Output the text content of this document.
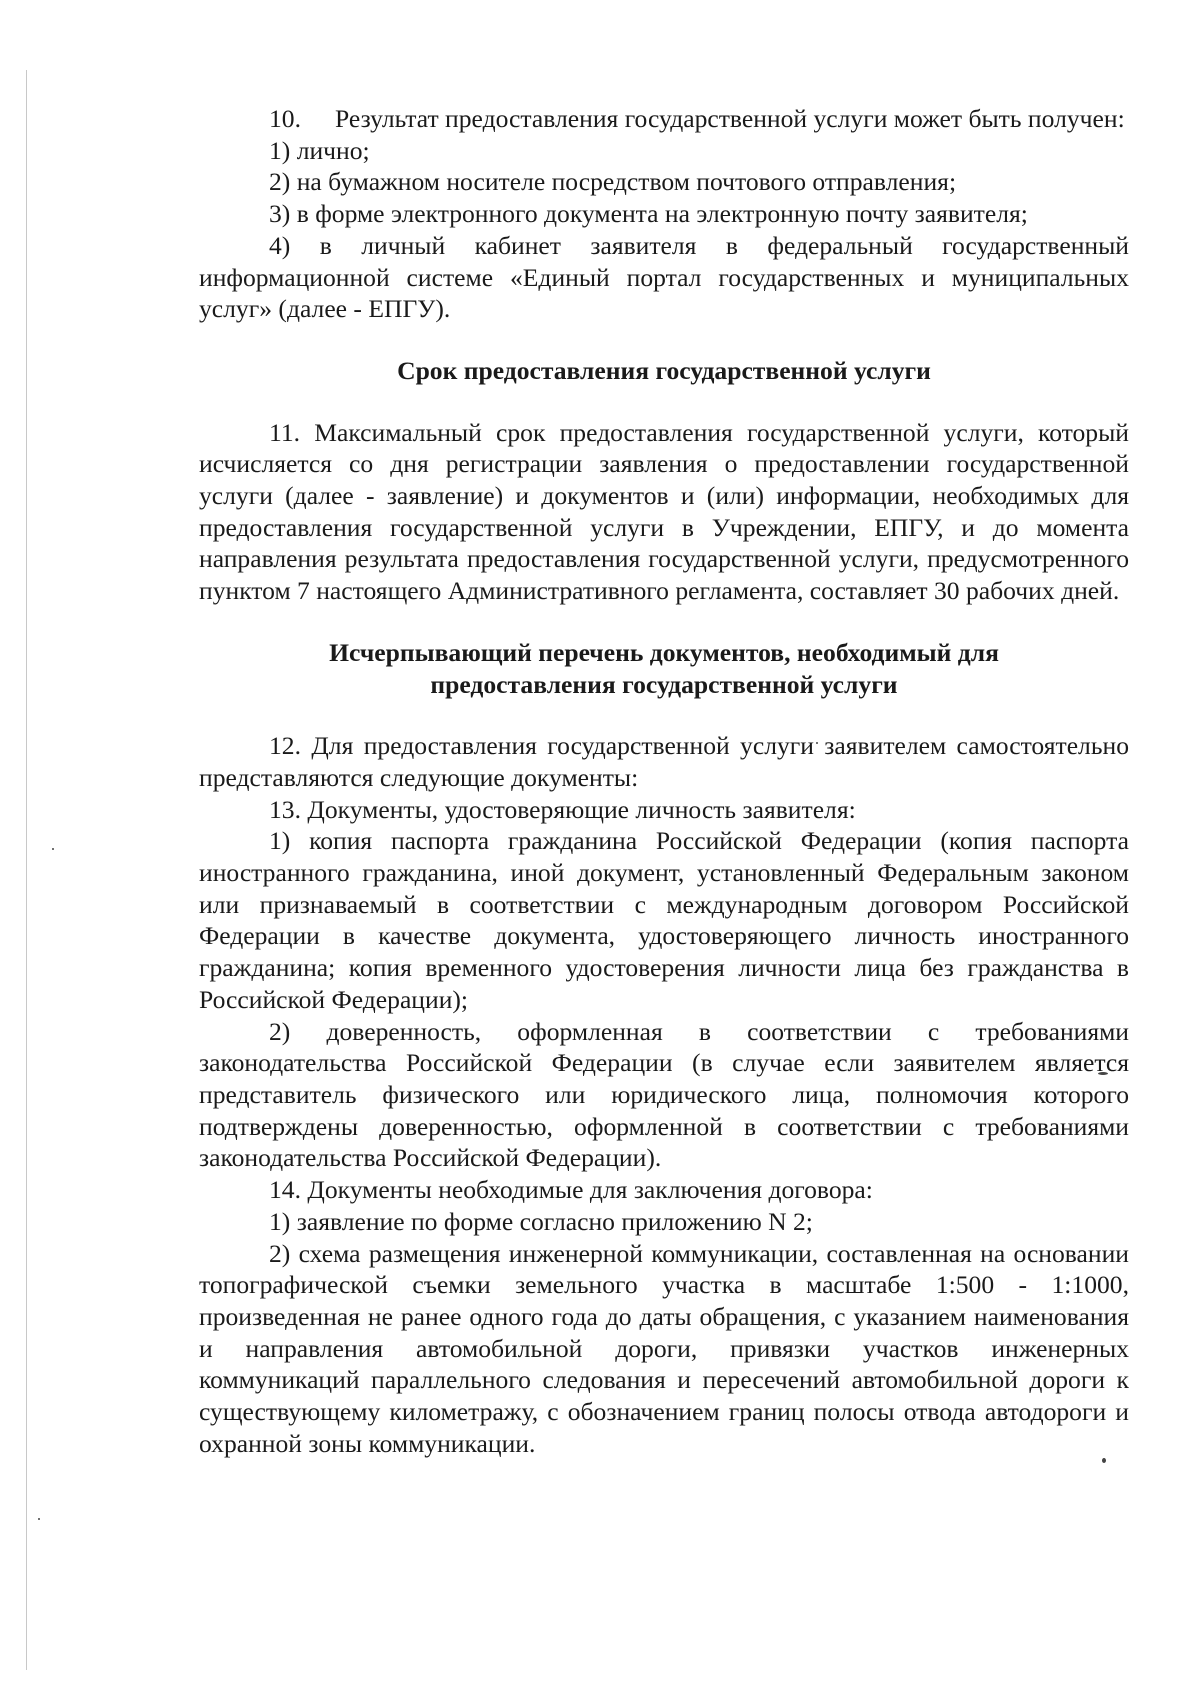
10. Результат предоставления государственной услуги может быть получен:

1) лично;

2) на бумажном носителе посредством почтового отправления;

3) в форме электронного документа на электронную почту заявителя;

4) в личный кабинет заявителя в федеральный государственный информационной системе «Единый портал государственных и муниципальных услуг» (далее - ЕПГУ).

Срок предоставления государственной услуги

11. Максимальный срок предоставления государственной услуги, который исчисляется со дня регистрации заявления о предоставлении государственной услуги (далее - заявление) и документов и (или) информации, необходимых для предоставления государственной услуги в Учреждении, ЕПГУ, и до момента направления результата предоставления государственной услуги, предусмотренного пунктом 7 настоящего Административного регламента, составляет 30 рабочих дней.

Исчерпывающий перечень документов, необходимый для

предоставления государственной услуги

12. Для предоставления государственной услуги заявителем самостоятельно представляются следующие документы:

13. Документы, удостоверяющие личность заявителя:

1) копия паспорта гражданина Российской Федерации (копия паспорта иностранного гражданина, иной документ, установленный Федеральным законом или признаваемый в соответствии с международным договором Российской Федерации в качестве документа, удостоверяющего личность иностранного гражданина; копия временного удостоверения личности лица без гражданства в Российской Федерации);

2) доверенность, оформленная в соответствии с требованиями законодательства Российской Федерации (в случае если заявителем является представитель физического или юридического лица, полномочия которого подтверждены доверенностью, оформленной в соответствии с требованиями законодательства Российской Федерации).

14. Документы необходимые для заключения договора:

1) заявление по форме согласно приложению N 2;

2) схема размещения инженерной коммуникации, составленная на основании топографической съемки земельного участка в масштабе 1:500 - 1:1000, произведенная не ранее одного года до даты обращения, с указанием наименования и направления автомобильной дороги, привязки участков инженерных коммуникаций параллельного следования и пересечений автомобильной дороги к существующему километражу, с обозначением границ полосы отвода автодороги и охранной зоны коммуникации.
